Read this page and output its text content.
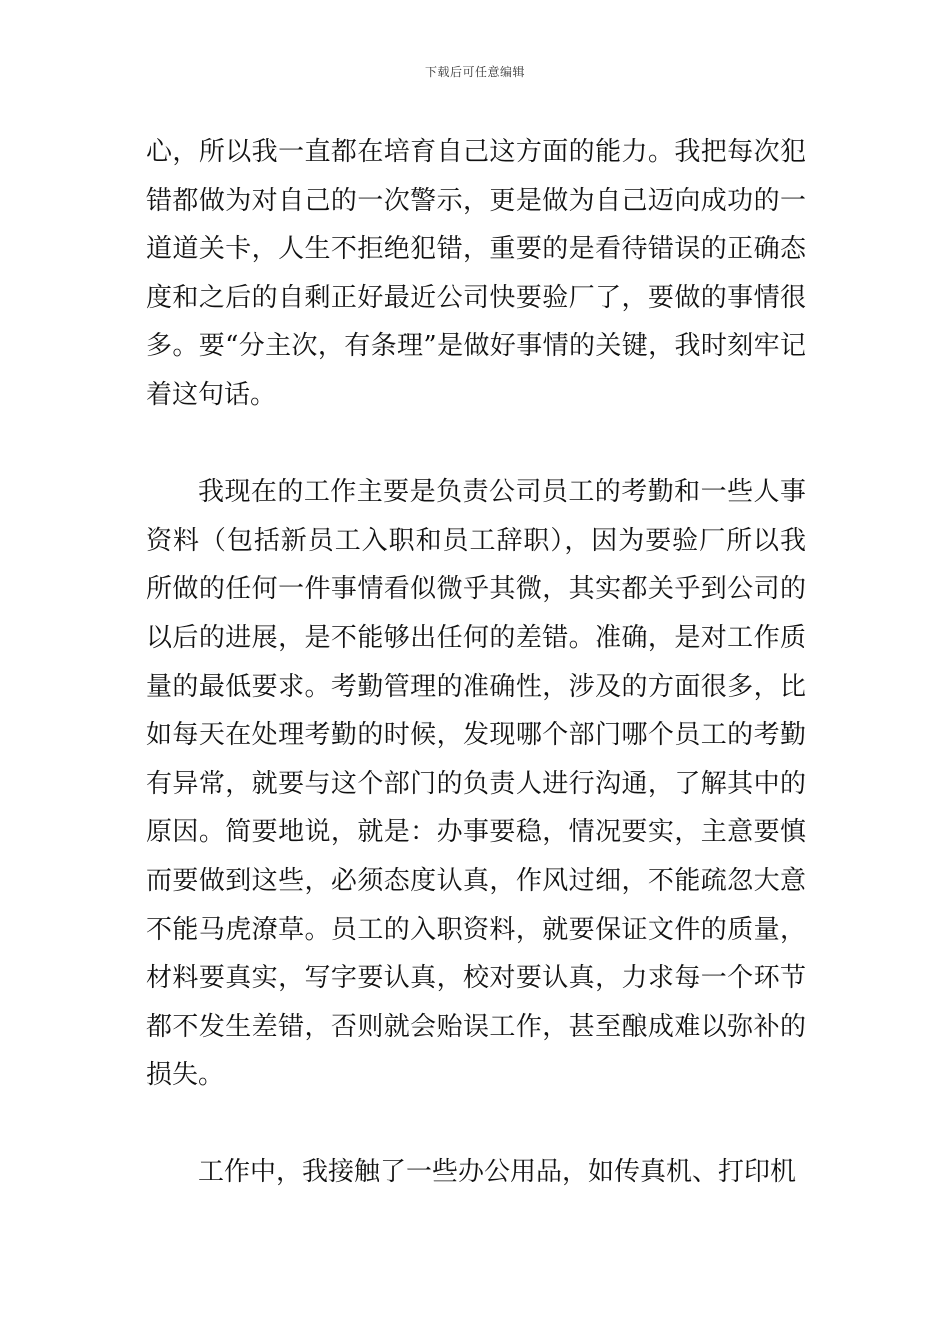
下载后可任意编辑

心，所以我一直都在培育自己这方面的能力。我把每次犯错都做为对自己的一次警示，更是做为自己迈向成功的一道道关卡，人生不拒绝犯错，重要的是看待错误的正确态度和之后的自剩正好最近公司快要验厂了，要做的事情很多。要“分主次，有条理”是做好事情的关键，我时刻牢记着这句话。

我现在的工作主要是负责公司员工的考勤和一些人事资料（包括新员工入职和员工辞职），因为要验厂所以我所做的任何一件事情看似微乎其微，其实都关乎到公司的以后的进展，是不能够出任何的差错。准确，是对工作质量的最低要求。考勤管理的准确性，涉及的方面很多，比如每天在处理考勤的时候，发现哪个部门哪个员工的考勤有异常，就要与这个部门的负责人进行沟通，了解其中的原因。简要地说，就是：办事要稳，情况要实，主意要慎而要做到这些，必须态度认真，作风过细，不能疏忽大意不能马虎潦草。员工的入职资料，就要保证文件的质量，材料要真实，写字要认真，校对要认真，力求每一个环节都不发生差错，否则就会贻误工作，甚至酿成难以弥补的损失。

工作中，我接触了一些办公用品，如传真机、打印机
